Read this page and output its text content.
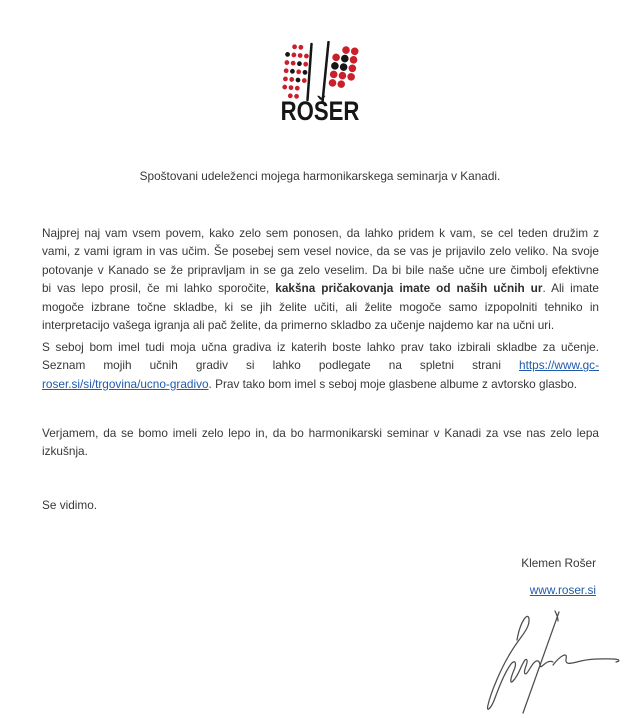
ROŠER
Spoštovani udeleženci mojega harmonikarskega seminarja v Kanadi.
Najprej naj vam vsem povem, kako zelo sem ponosen, da lahko pridem k vam, se cel teden družim z
vami, z vami igram in vas učim. Še posebej sem vesel novice, da se vas je prijavilo zelo veliko. Na svoje
potovanje v Kanado se že pripravljam in se ga zelo veselim. Da bi bile naše učne ure čimbolj efektivne
bi vas lepo prosil, če mi lahko sporočite, kakšna pričakovanja imate od naših učnih ur. Ali imate
mogoče izbrane točne skladbe, ki se jih želite učiti, ali želite mogoče samo izpopolniti tehniko in
interpretacijo vašega igranja ali pač želite, da primerno skladbo za učenje najdemo kar na učni uri.
S seboj bom imel tudi moja učna gradiva iz katerih boste lahko prav tako izbirali skladbe za učenje.
Seznam mojih učnih gradiv si lahko podlegate na spletni strani https://www.gc-
roser.si/si/trgovina/ucno-gradivo. Prav tako bom imel s seboj moje glasbene albume z avtorsko glasbo.
Verjamem, da se bomo imeli zelo lepo in, da bo harmonikarski seminar v Kanadi za vse nas zelo lepa
izkušnja.
Se vidimo.
Klemen Rošer
www.roser.si
